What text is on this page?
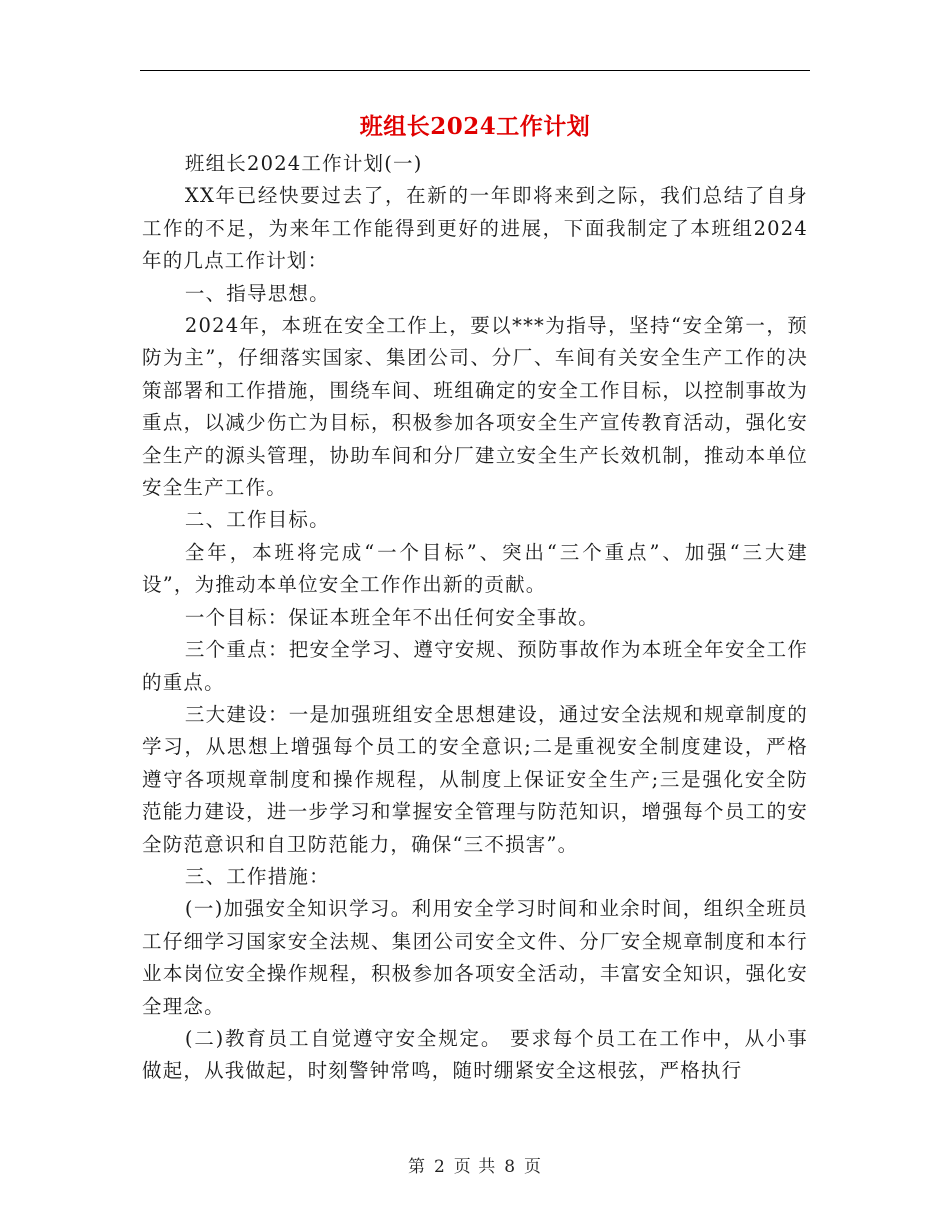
班组长2024工作计划

班组长2024工作计划(一)

XX年已经快要过去了，在新的一年即将来到之际，我们总结了自身工作的不足，为来年工作能得到更好的进展，下面我制定了本班组2024年的几点工作计划：

一、指导思想。

2024年，本班在安全工作上，要以***为指导，坚持“安全第一，预防为主”，仔细落实国家、集团公司、分厂、车间有关安全生产工作的决策部署和工作措施，围绕车间、班组确定的安全工作目标，以控制事故为重点，以减少伤亡为目标，积极参加各项安全生产宣传教育活动，强化安全生产的源头管理，协助车间和分厂建立安全生产长效机制，推动本单位安全生产工作。

二、工作目标。

全年，本班将完成“一个目标”、突出“三个重点”、加强“三大建设”，为推动本单位安全工作作出新的贡献。

一个目标：保证本班全年不出任何安全事故。

三个重点：把安全学习、遵守安规、预防事故作为本班全年安全工作的重点。

三大建设：一是加强班组安全思想建设，通过安全法规和规章制度的学习，从思想上增强每个员工的安全意识;二是重视安全制度建设，严格遵守各项规章制度和操作规程，从制度上保证安全生产;三是强化安全防范能力建设，进一步学习和掌握安全管理与防范知识，增强每个员工的安全防范意识和自卫防范能力，确保“三不损害”。

三、工作措施：

(一)加强安全知识学习。利用安全学习时间和业余时间，组织全班员工仔细学习国家安全法规、集团公司安全文件、分厂安全规章制度和本行业本岗位安全操作规程，积极参加各项安全活动，丰富安全知识，强化安全理念。

(二)教育员工自觉遵守安全规定。 要求每个员工在工作中，从小事做起，从我做起，时刻警钟常鸣，随时绷紧安全这根弦，严格执行

第 2 页 共 8 页
